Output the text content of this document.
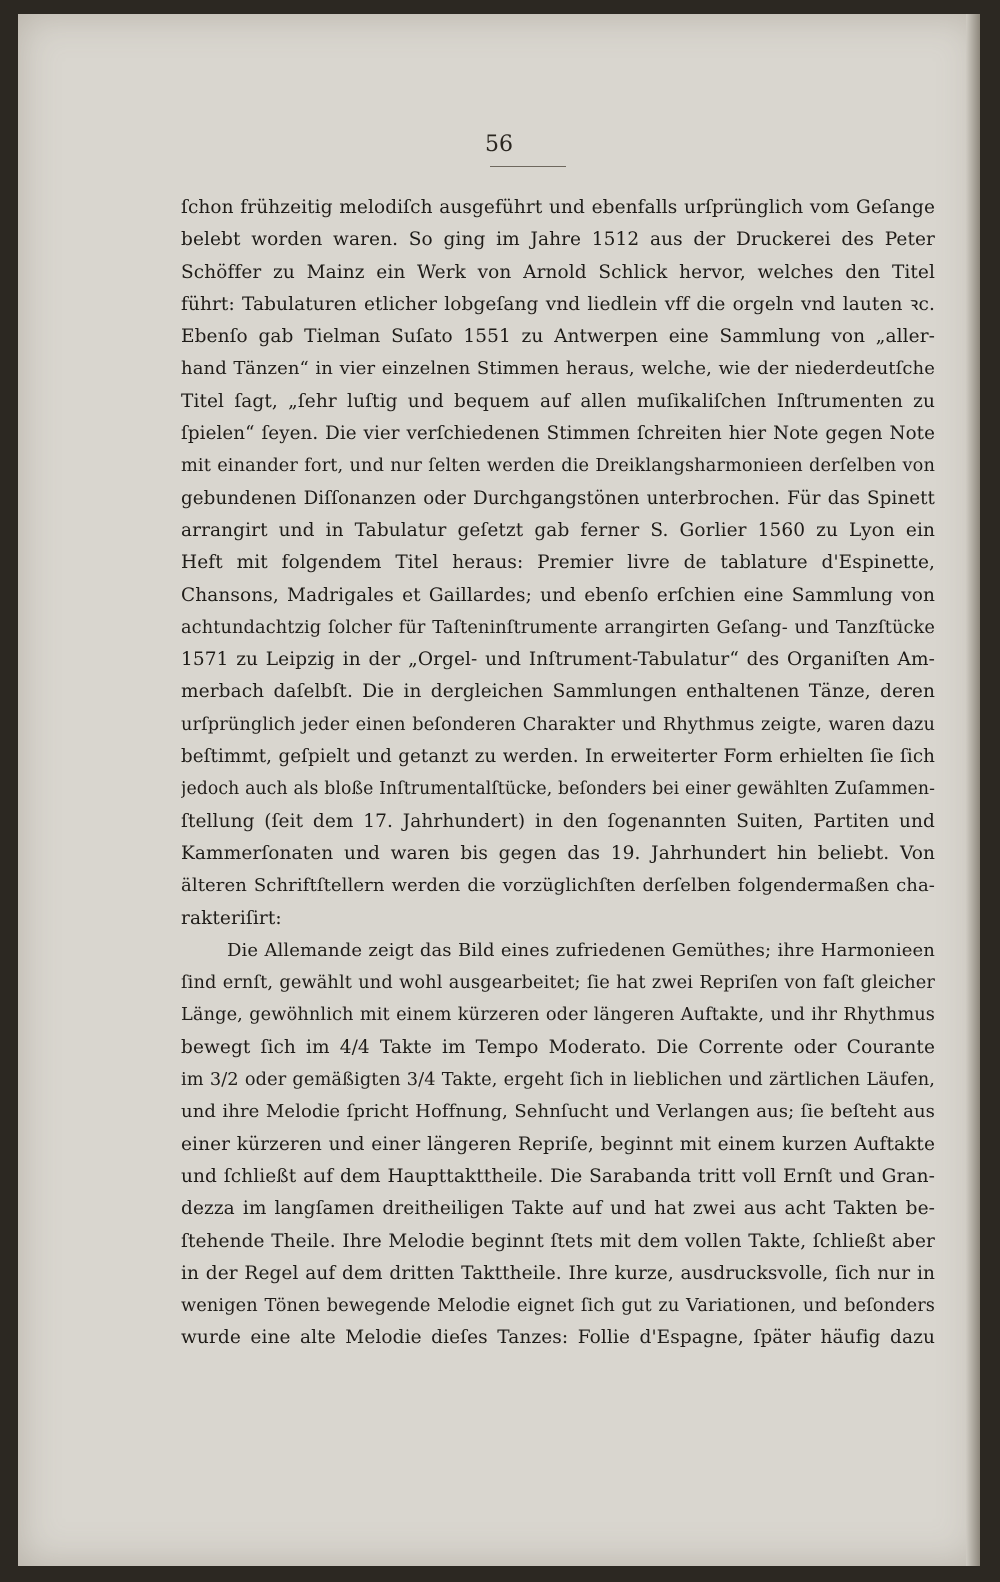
56
ſchon frühzeitig melodiſch ausgeführt und ebenfalls urſprünglich vom Geſange
belebt worden waren. So ging im Jahre 1512 aus der Druckerei des Peter
Schöffer zu Mainz ein Werk von Arnold Schlick hervor, welches den Titel
führt: Tabulaturen etlicher lobgeſang vnd liedlein vff die orgeln vnd lauten ꝛc.
Ebenſo gab Tielman Suſato 1551 zu Antwerpen eine Sammlung von „aller-
hand Tänzen“ in vier einzelnen Stimmen heraus, welche, wie der niederdeutſche
Titel ſagt, „ſehr luſtig und bequem auf allen muſikaliſchen Inſtrumenten zu
ſpielen“ ſeyen. Die vier verſchiedenen Stimmen ſchreiten hier Note gegen Note
mit einander fort, und nur ſelten werden die Dreiklangsharmonieen derſelben von
gebundenen Diſſonanzen oder Durchgangstönen unterbrochen. Für das Spinett
arrangirt und in Tabulatur geſetzt gab ferner S. Gorlier 1560 zu Lyon ein
Heft mit folgendem Titel heraus: Premier livre de tablature d'Espinette,
Chansons, Madrigales et Gaillardes; und ebenſo erſchien eine Sammlung von
achtundachtzig ſolcher für Taſteninſtrumente arrangirten Geſang- und Tanzſtücke
1571 zu Leipzig in der „Orgel- und Inſtrument-Tabulatur“ des Organiſten Am-
merbach daſelbſt. Die in dergleichen Sammlungen enthaltenen Tänze, deren
urſprünglich jeder einen beſonderen Charakter und Rhythmus zeigte, waren dazu
beſtimmt, geſpielt und getanzt zu werden. In erweiterter Form erhielten ſie ſich
jedoch auch als bloße Inſtrumentalſtücke, beſonders bei einer gewählten Zuſammen-
ſtellung (ſeit dem 17. Jahrhundert) in den ſogenannten Suiten, Partiten und
Kammerſonaten und waren bis gegen das 19. Jahrhundert hin beliebt. Von
älteren Schriftſtellern werden die vorzüglichſten derſelben folgendermaßen cha-
rakteriſirt:
Die Allemande zeigt das Bild eines zufriedenen Gemüthes; ihre Harmonieen
ſind ernſt, gewählt und wohl ausgearbeitet; ſie hat zwei Repriſen von faſt gleicher
Länge, gewöhnlich mit einem kürzeren oder längeren Auftakte, und ihr Rhythmus
bewegt ſich im 4/4 Takte im Tempo Moderato. Die Corrente oder Courante
im 3/2 oder gemäßigten 3/4 Takte, ergeht ſich in lieblichen und zärtlichen Läufen,
und ihre Melodie ſpricht Hoffnung, Sehnſucht und Verlangen aus; ſie beſteht aus
einer kürzeren und einer längeren Repriſe, beginnt mit einem kurzen Auftakte
und ſchließt auf dem Haupttakttheile. Die Sarabanda tritt voll Ernſt und Gran-
dezza im langſamen dreitheiligen Takte auf und hat zwei aus acht Takten be-
ſtehende Theile. Ihre Melodie beginnt ſtets mit dem vollen Takte, ſchließt aber
in der Regel auf dem dritten Takttheile. Ihre kurze, ausdrucksvolle, ſich nur in
wenigen Tönen bewegende Melodie eignet ſich gut zu Variationen, und beſonders
wurde eine alte Melodie dieſes Tanzes: Follie d'Espagne, ſpäter häufig dazu
